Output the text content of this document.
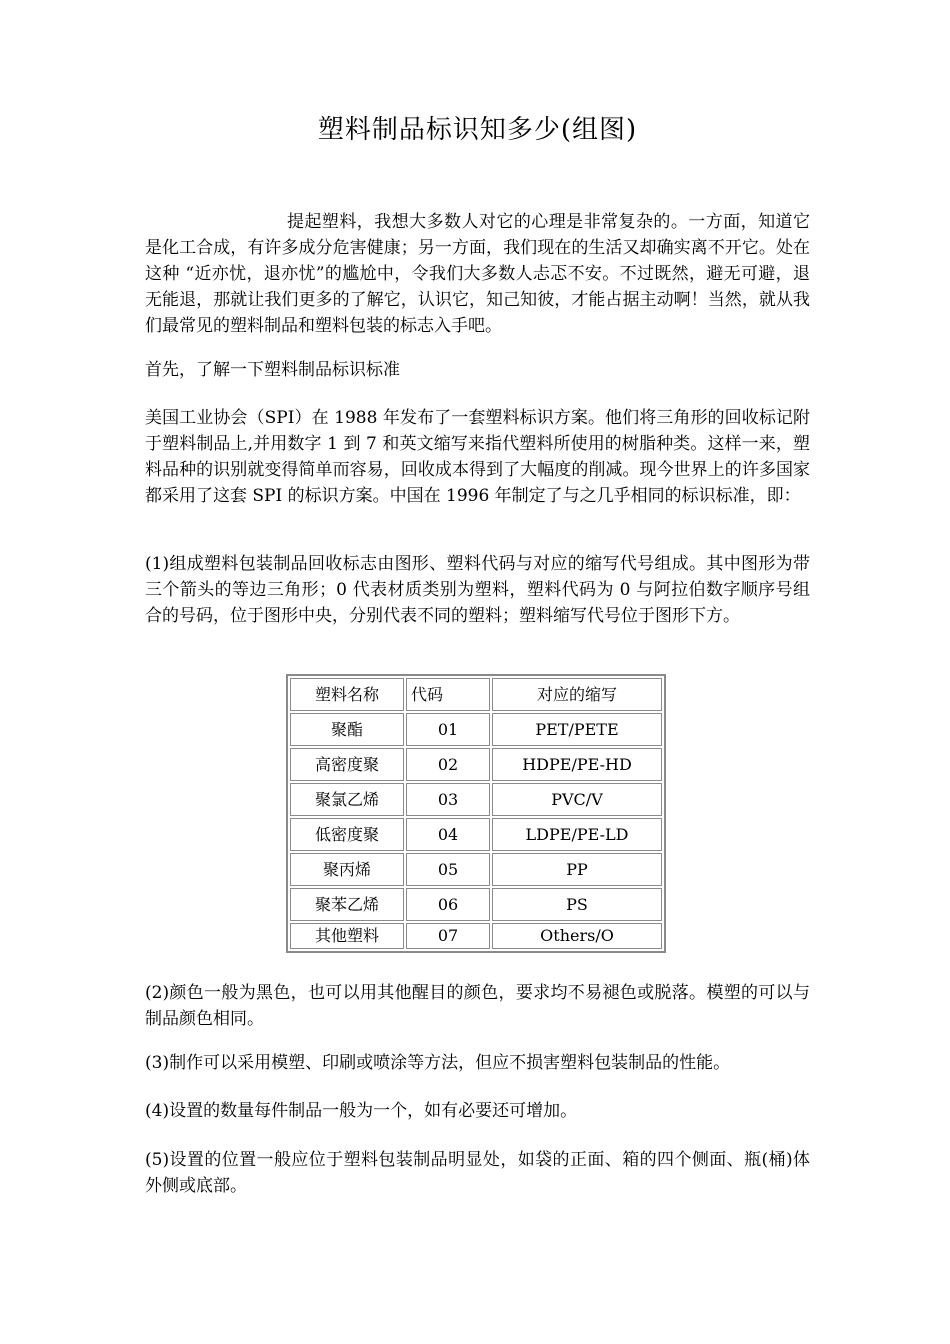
塑料制品标识知多少(组图)

提起塑料，我想大多数人对它的心理是非常复杂的。一方面，知道它是化工合成，有许多成分危害健康；另一方面，我们现在的生活又却确实离不开它。处在这种 “近亦忧，退亦忧”的尴尬中，令我们大多数人忐忑不安。不过既然，避无可避，退无能退，那就让我们更多的了解它，认识它，知己知彼，才能占据主动啊！当然，就从我们最常见的塑料制品和塑料包装的标志入手吧。

首先，了解一下塑料制品标识标准

美国工业协会（SPI）在 1988 年发布了一套塑料标识方案。他们将三角形的回收标记附于塑料制品上,并用数字 1 到 7 和英文缩写来指代塑料所使用的树脂种类。这样一来，塑料品种的识别就变得简单而容易，回收成本得到了大幅度的削减。现今世界上的许多国家都采用了这套 SPI 的标识方案。中国在 1996 年制定了与之几乎相同的标识标准，即：

(1)组成塑料包装制品回收标志由图形、塑料代码与对应的缩写代号组成。其中图形为带三个箭头的等边三角形；0 代表材质类别为塑料，塑料代码为 0 与阿拉伯数字顺序号组合的号码，位于图形中央，分别代表不同的塑料；塑料缩写代号位于图形下方。

塑料名称	代码	对应的缩写
聚酯	01	PET/PETE
高密度聚	02	HDPE/PE-HD
聚氯乙烯	03	PVC/V
低密度聚	04	LDPE/PE-LD
聚丙烯	05	PP
聚苯乙烯	06	PS
其他塑料	07	Others/O

(2)颜色一般为黑色，也可以用其他醒目的颜色，要求均不易褪色或脱落。模塑的可以与制品颜色相同。

(3)制作可以采用模塑、印刷或喷涂等方法，但应不损害塑料包装制品的性能。

(4)设置的数量每件制品一般为一个，如有必要还可增加。

(5)设置的位置一般应位于塑料包装制品明显处，如袋的正面、箱的四个侧面、瓶(桶)体外侧或底部。
